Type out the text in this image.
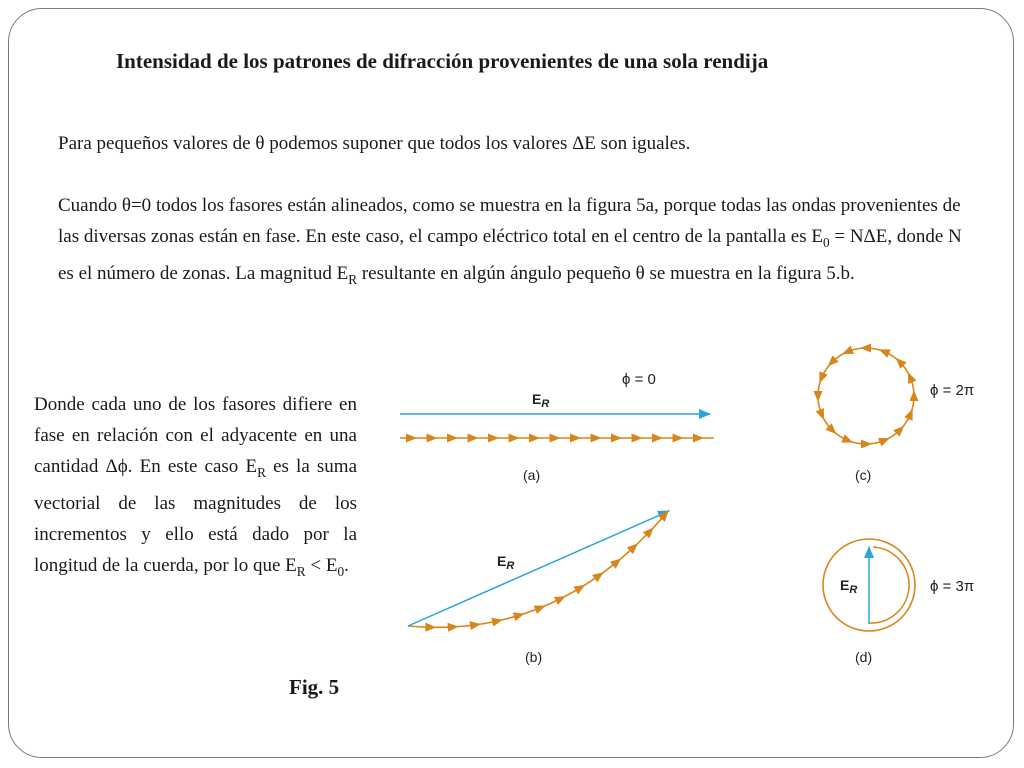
Intensidad de los patrones de difracción provenientes de una sola rendija
Para pequeños valores de θ podemos suponer que todos los valores ΔE son iguales.
Cuando θ=0 todos los fasores están alineados, como se muestra en la figura 5a, porque todas las ondas provenientes de las diversas zonas están en fase. En este caso, el campo eléctrico total en el centro de la pantalla es $E_0 = N\Delta E$, donde N es el número de zonas. La magnitud $E_R$ resultante en algún ángulo pequeño θ se muestra en la figura 5.b.
Donde cada uno de los fasores difiere en fase en relación con el adyacente en una cantidad Δϕ. En este caso $E_R$ es la suma vectorial de las magnitudes de los incrementos y ello está dado por la longitud de la cuerda, por lo que $E_R < E_0$.
Fig. 5
$E_R$
ϕ = 0
(a)
$E_R$
(b)
ϕ = 2π
(c)
$E_R$	ϕ = 3π
(d)
